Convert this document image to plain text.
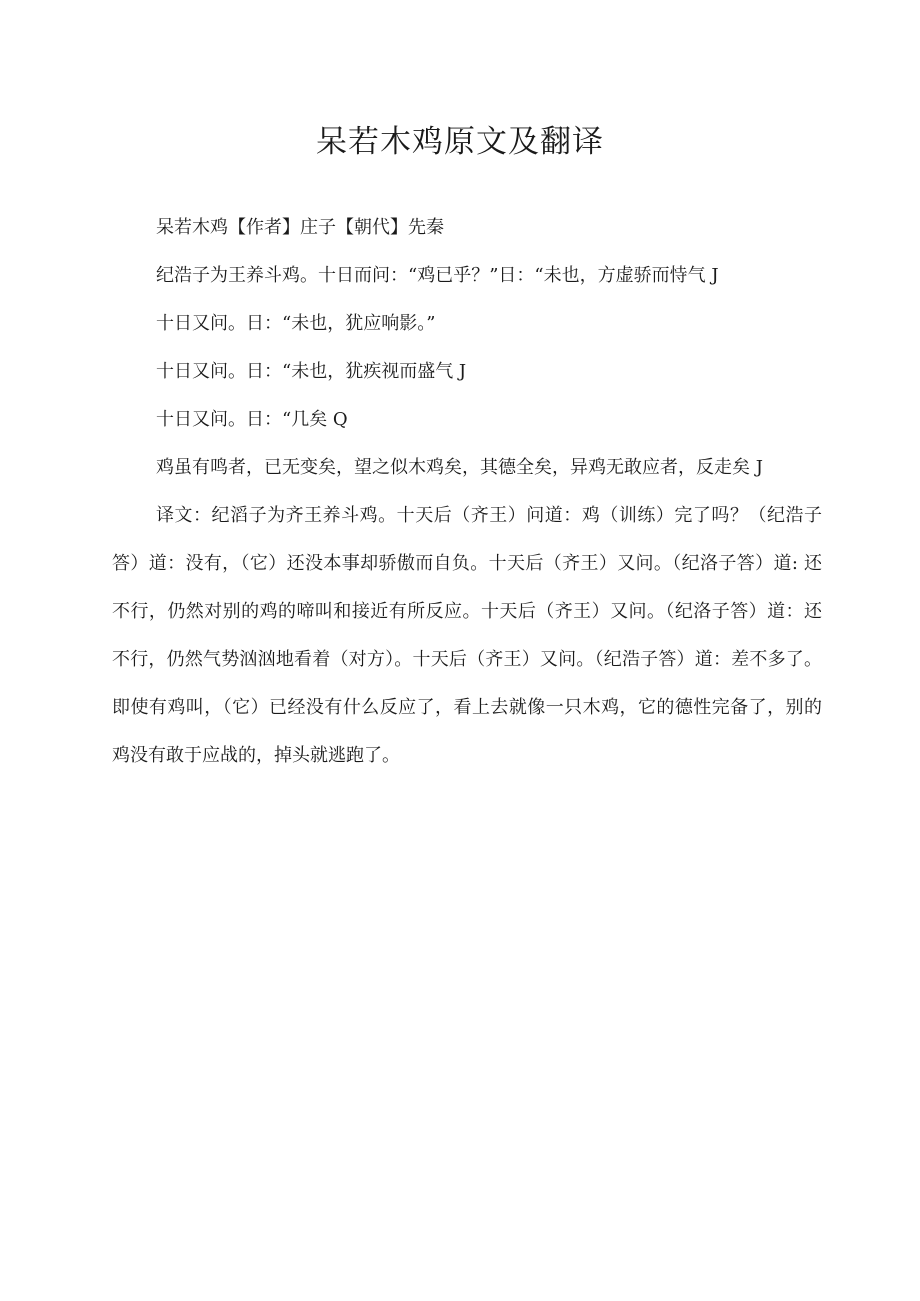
呆若木鸡原文及翻译

呆若木鸡【作者】庄子【朝代】先秦

纪浩子为王养斗鸡。十日而问：“鸡已乎？”日：“未也，方虚骄而恃气 J

十日又问。日：“未也，犹应响影。”

十日又问。日：“未也，犹疾视而盛气 J

十日又问。日：“几矣 Q

鸡虽有鸣者，已无变矣，望之似木鸡矣，其德全矣，异鸡无敢应者，反走矣 J

译文：纪滔子为齐王养斗鸡。十天后（齐王）问道：鸡（训练）完了吗？（纪浩子答）道：没有，（它）还没本事却骄傲而自负。十天后（齐王）又问。（纪洛子答）道: 还不行，仍然对别的鸡的啼叫和接近有所反应。十天后（齐王）又问。（纪洛子答）道：还不行，仍然气势汹汹地看着（对方）。十天后（齐王）又问。（纪浩子答）道：差不多了。即使有鸡叫，（它）已经没有什么反应了，看上去就像一只木鸡，它的德性完备了，别的鸡没有敢于应战的，掉头就逃跑了。
